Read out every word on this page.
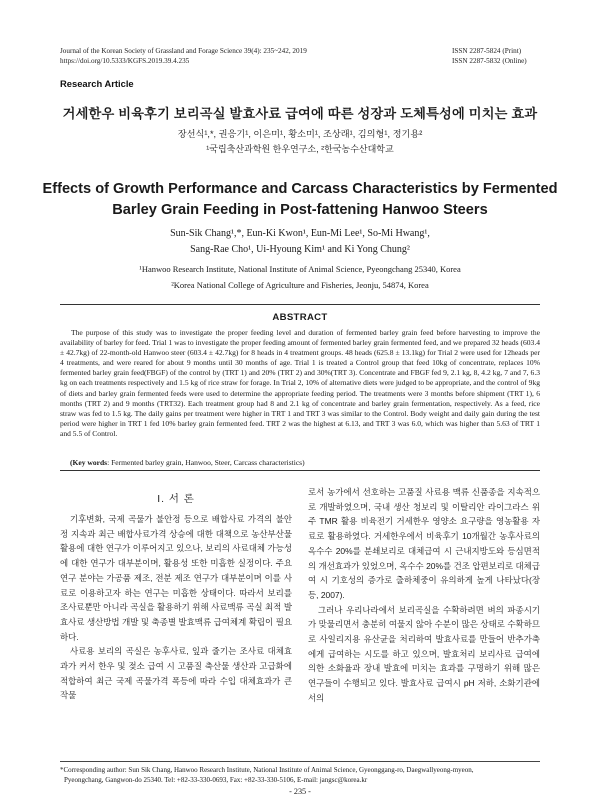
Journal of the Korean Society of Grassland and Forage Science 39(4): 235~242, 2019
https://doi.org/10.5333/KGFS.2019.39.4.235
ISSN 2287-5824 (Print)
ISSN 2287-5832 (Online)
Research Article
거세한우 비육후기 보리곡실 발효사료 급여에 따른 성장과 도체특성에 미치는 효과
장선식¹,*, 권응기¹, 이은미¹, 황소미¹, 조상래¹, 김의형¹, 정기용²
¹국립축산과학원 한우연구소, ²한국농수산대학교
Effects of Growth Performance and Carcass Characteristics by Fermented
Barley Grain Feeding in Post-fattening Hanwoo Steers
Sun-Sik Chang¹,*, Eun-Ki Kwon¹, Eun-Mi Lee¹, So-Mi Hwang¹,
Sang-Rae Cho¹, Ui-Hyoung Kim¹ and Ki Yong Chung²
¹Hanwoo Research Institute, National Institute of Animal Science, Pyeongchang 25340, Korea
²Korea National College of Agriculture and Fisheries, Jeonju, 54874, Korea
ABSTRACT
The purpose of this study was to investigate the proper feeding level and duration of fermented barley grain feed before harvesting to improve the availability of barley for feed. Trial 1 was to investigate the proper feeding amount of fermented barley grain fermented feed, and we prepared 32 heads (603.4 ± 42.7kg) of 22-month-old Hanwoo steer (603.4 ± 42.7kg) for 8 heads in 4 treatment groups. 48 heads (625.8 ± 13.1kg) for Trial 2 were used for 12heads per 4 treatments, and were reared for about 9 months until 30 months of age. Trial 1 is treated a Control group that feed 10kg of concentrate, replaces 10% fermented barley grain feed(FBGF) of the control by (TRT 1) and 20% (TRT 2) and 30%(TRT 3). Concentrate and FBGF fed 9, 2.1 kg, 8, 4.2 kg, 7 and 7, 6.3 kg on each treatments respectively and 1.5 kg of rice straw for forage. In Trial 2, 10% of alternative diets were judged to be appropriate, and the control of 9kg of diets and barley grain fermented feeds were used to determine the appropriate feeding period. The treatments were 3 months before shipment (TRT 1), 6 months (TRT 2) and 9 months (TRT32). Each treatment group had 8 and 2.1 kg of concentrate and barley grain fermentation, respectively. As a feed, rice straw was fed to 1.5 kg. The daily gains per treatment were higher in TRT 1 and TRT 3 was similar to the Control. Body weight and daily gain during the test period were higher in TRT 1 fed 10% barley grain fermented feed. TRT 2 was the highest at 6.13, and TRT 3 was 6.0, which was higher than 5.63 of TRT 1 and 5.5 of Control.
(Key words: Fermented barley grain, Hanwoo, Steer, Carcass characteristics)
I. 서 론

기후변화, 국제 곡물가 불안정 등으로 배합사료 가격의 불안정 지속과 최근 배합사료가격 상승에 대한 대책으로 농산부산물 활용에 대한 연구가 이루어지고 있으나, 보리의 사료대체 가능성에 대한 연구가 대부분이며, 활용성 또한 미흡한 실정이다. 주요 연구 분야는 가공품 제조, 전분 제조 연구가 대부분이며 이를 사료로 이용하고자 하는 연구는 미흡한 상태이다. 따라서 보리를 조사료뿐만 아니라 곡실을 활용하기 위해 사료맥류 곡실 최적 발효사료 생산방법 개발 및 축종별 발효맥류 급여체계 확립이 필요하다.

사료용 보리의 곡실은 농후사료, 잎과 줄기는 조사료 대체효과가 커서 한우 및 젖소 급여 시 고품질 축산물 생산과 고급화에 적합하여 최근 국제 곡물가격 폭등에 따라 수입 대체효과가 큰 작물

로서 농가에서 선호하는 고품질 사료용 맥류 신품종을 지속적으로 개발하였으며, 국내 생산 청보리 및 이탈리안 라이그라스 위주 TMR 활용 비육전기 거세한우 영양소 요구량을 영농활용 자료로 활용하였다. 거세한우에서 비육후기 10개월간 농후사료의 옥수수 20%를 분쇄보리로 대체급여 시 근내지방도와 등심면적의 개선효과가 있었으며, 옥수수 20%를 건조 압편보리로 대체급여 시 기호성의 증가로 출하체중이 유의하게 높게 나타났다(장 등, 2007).

그러나 우리나라에서 보리곡실을 수확하려면 벼의 파종시기가 맞물리면서 충분히 여물지 않아 수분이 많은 상태로 수확하므로 사일리지용 유산균을 처리하여 발효사료를 만들어 반추가축에게 급여하는 시도를 하고 있으며, 발효처리 보리사료 급여에 의한 소화율과 장내 발효에 미치는 효과를 구명하기 위해 많은 연구들이 수행되고 있다. 발효사료 급여시 pH 저하, 소화기관에서의

*Corresponding author: Sun Sik Chang, Hanwoo Research Institute, National Institute of Animal Science, Gyeonggang-ro, Daegwallyeong-myeon,

Pyeongchang, Gangwon-do 25340. Tel: +82-33-330-0693, Fax: +82-33-330-5106, E-mail: jangsc@korea.kr

- 235 -
